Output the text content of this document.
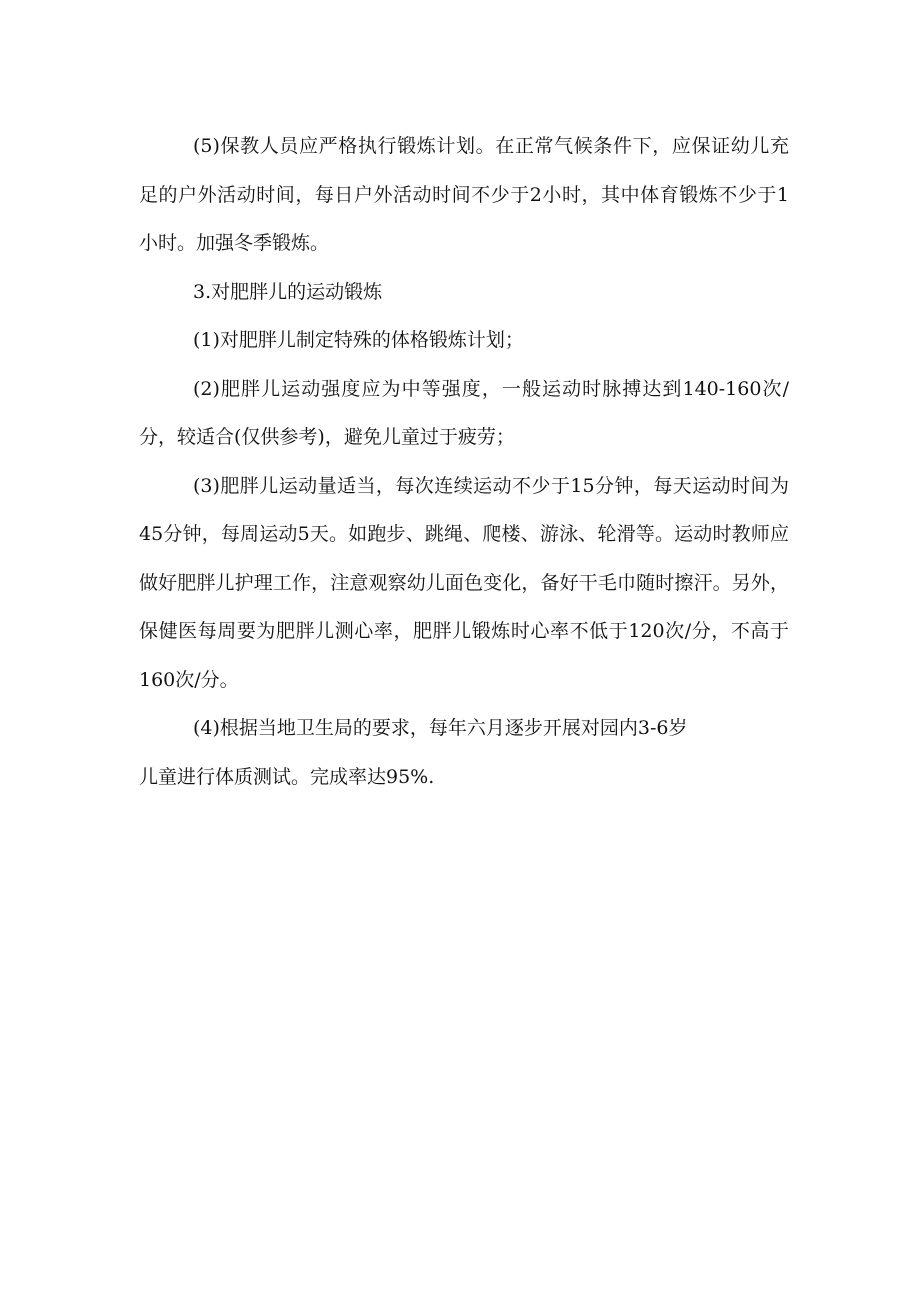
(5)保教人员应严格执行锻炼计划。在正常气候条件下，应保证幼儿充足的户外活动时间，每日户外活动时间不少于2小时，其中体育锻炼不少于1小时。加强冬季锻炼。

3.对肥胖儿的运动锻炼

(1)对肥胖儿制定特殊的体格锻炼计划；

(2)肥胖儿运动强度应为中等强度，一般运动时脉搏达到140-160次/分，较适合(仅供参考)，避免儿童过于疲劳；

(3)肥胖儿运动量适当，每次连续运动不少于15分钟，每天运动时间为45分钟，每周运动5天。如跑步、跳绳、爬楼、游泳、轮滑等。运动时教师应做好肥胖儿护理工作，注意观察幼儿面色变化，备好干毛巾随时擦汗。另外，保健医每周要为肥胖儿测心率，肥胖儿锻炼时心率不低于120次/分，不高于160次/分。

(4)根据当地卫生局的要求，每年六月逐步开展对园内3-6岁

儿童进行体质测试。完成率达95%.
